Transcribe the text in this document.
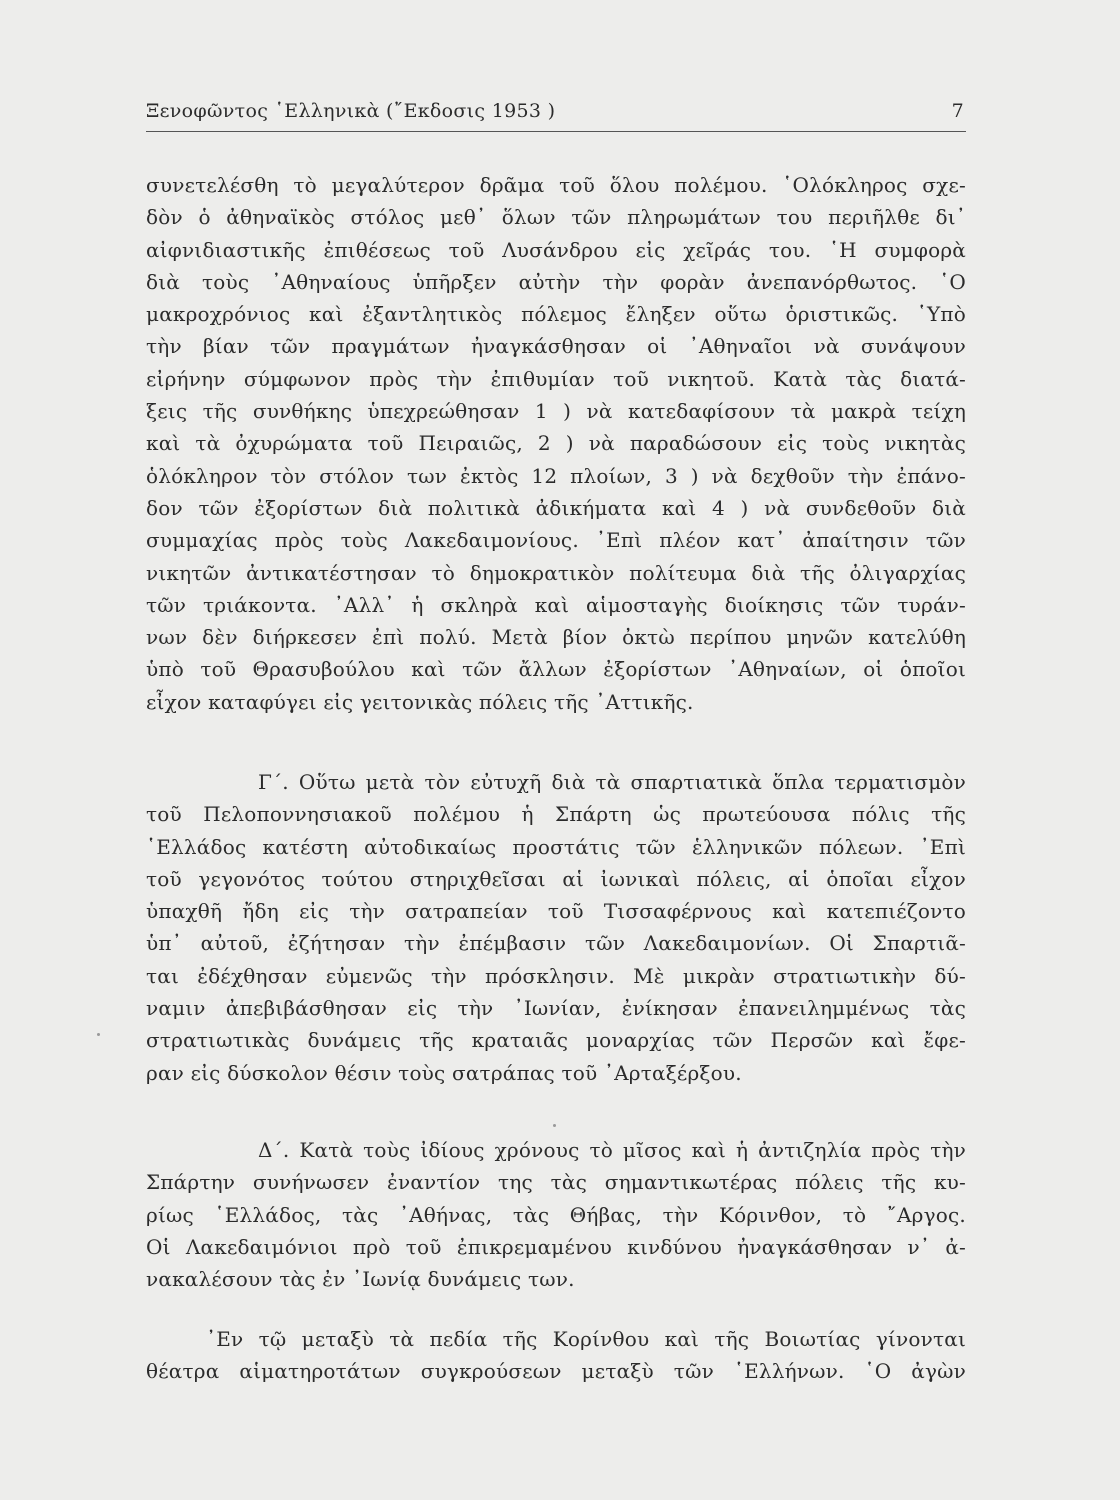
Ξενοφῶντος ῾Ελληνικὰ (῎Εκδοσις 1953 )	7
συνετελέσθη τὸ μεγαλύτερον δρᾶμα τοῦ ὅλου πολέμου. ῾Ολόκληρος σχε-
δὸν ὁ ἀθηναϊκὸς στόλος μεθ᾽ ὅλων τῶν πληρωμάτων του περιῆλθε δι᾽
αἰφνιδιαστικῆς ἐπιθέσεως τοῦ Λυσάνδρου εἰς χεῖράς του. ῾Η συμφορὰ
διὰ τοὺς ᾽Αθηναίους ὑπῆρξεν αὐτὴν τὴν φορὰν ἀνεπανόρθωτος. ῾Ο
μακροχρόνιος καὶ ἐξαντλητικὸς πόλεμος ἔληξεν οὕτω ὁριστικῶς. ῾Υπὸ
τὴν βίαν τῶν πραγμάτων ἠναγκάσθησαν οἱ ᾽Αθηναῖοι νὰ συνάψουν
εἰρήνην σύμφωνον πρὸς τὴν ἐπιθυμίαν τοῦ νικητοῦ. Κατὰ τὰς διατά-
ξεις τῆς συνθήκης ὑπεχρεώθησαν 1 ) νὰ κατεδαφίσουν τὰ μακρὰ τείχη
καὶ τὰ ὀχυρώματα τοῦ Πειραιῶς, 2 ) νὰ παραδώσουν εἰς τοὺς νικητὰς
ὁλόκληρον τὸν στόλον των ἐκτὸς 12 πλοίων, 3 ) νὰ δεχθοῦν τὴν ἐπάνο-
δον τῶν ἐξορίστων διὰ πολιτικὰ ἀδικήματα καὶ 4 ) νὰ συνδεθοῦν διὰ
συμμαχίας πρὸς τοὺς Λακεδαιμονίους. ᾽Επὶ πλέον κατ᾽ ἀπαίτησιν τῶν
νικητῶν ἀντικατέστησαν τὸ δημοκρατικὸν πολίτευμα διὰ τῆς ὀλιγαρχίας
τῶν τριάκοντα. ᾽Αλλ᾽ ἡ σκληρὰ καὶ αἱμοσταγὴς διοίκησις τῶν τυράν-
νων δὲν διήρκεσεν ἐπὶ πολύ. Μετὰ βίον ὀκτὼ περίπου μηνῶν κατελύθη
ὑπὸ τοῦ Θρασυβούλου καὶ τῶν ἄλλων ἐξορίστων ᾽Αθηναίων, οἱ ὁποῖοι
εἶχον καταφύγει εἰς γειτονικὰς πόλεις τῆς ᾽Αττικῆς.
Γ΄. Οὕτω μετὰ τὸν εὐτυχῆ διὰ τὰ σπαρτιατικὰ ὅπλα τερματισμὸν
τοῦ Πελοποννησιακοῦ πολέμου ἡ Σπάρτη ὡς πρωτεύουσα πόλις τῆς
῾Ελλάδος κατέστη αὐτοδικαίως προστάτις τῶν ἑλληνικῶν πόλεων. ᾽Επὶ
τοῦ γεγονότος τούτου στηριχθεῖσαι αἱ ἰωνικαὶ πόλεις, αἱ ὁποῖαι εἶχον
ὑπαχθῆ ἤδη εἰς τὴν σατραπείαν τοῦ Τισσαφέρνους καὶ κατεπιέζοντο
ὑπ᾽ αὐτοῦ, ἐζήτησαν τὴν ἐπέμβασιν τῶν Λακεδαιμονίων. Οἱ Σπαρτιᾶ-
ται ἐδέχθησαν εὐμενῶς τὴν πρόσκλησιν. Μὲ μικρὰν στρατιωτικὴν δύ-
ναμιν ἀπεβιβάσθησαν εἰς τὴν ᾽Ιωνίαν, ἐνίκησαν ἐπανειλημμένως τὰς
στρατιωτικὰς δυνάμεις τῆς κραταιᾶς μοναρχίας τῶν Περσῶν καὶ ἔφε-
ραν εἰς δύσκολον θέσιν τοὺς σατράπας τοῦ ᾽Αρταξέρξου.
Δ΄. Κατὰ τοὺς ἰδίους χρόνους τὸ μῖσος καὶ ἡ ἀντιζηλία πρὸς τὴν
Σπάρτην συνήνωσεν ἐναντίον της τὰς σημαντικωτέρας πόλεις τῆς κυ-
ρίως ῾Ελλάδος, τὰς ᾽Αθήνας, τὰς Θήβας, τὴν Κόρινθον, τὸ ῎Αργος.
Οἱ Λακεδαιμόνιοι πρὸ τοῦ ἐπικρεμαμένου κινδύνου ἠναγκάσθησαν ν᾽ ἀ-
νακαλέσουν τὰς ἐν ᾽Ιωνίᾳ δυνάμεις των.
᾽Εν τῷ μεταξὺ τὰ πεδία τῆς Κορίνθου καὶ τῆς Βοιωτίας γίνονται
θέατρα αἱματηροτάτων συγκρούσεων μεταξὺ τῶν ῾Ελλήνων. ῾Ο ἀγὼν
